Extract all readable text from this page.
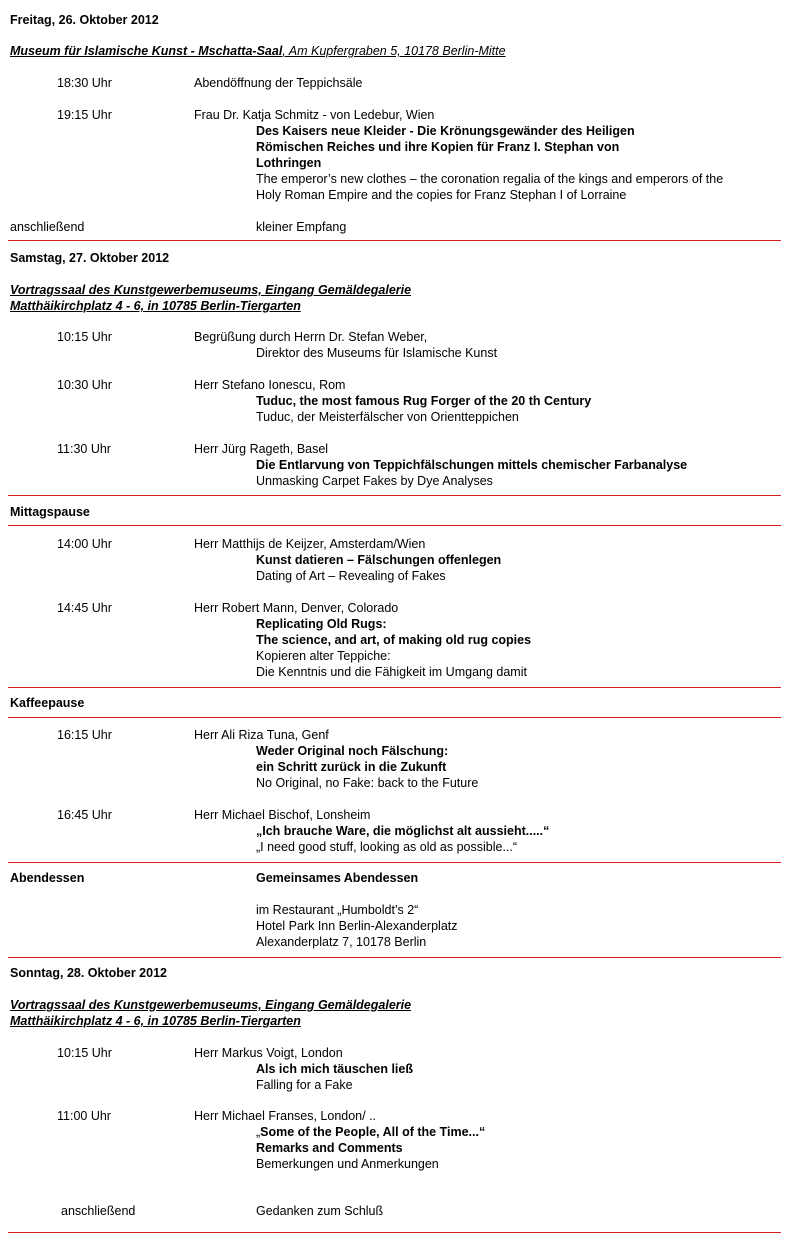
Freitag, 26. Oktober 2012
Museum für Islamische Kunst - Mschatta-Saal, Am Kupfergraben 5, 10178 Berlin-Mitte
18:30 Uhr	Abendöffnung der Teppichsäle
19:15 Uhr	Frau Dr. Katja Schmitz - von Ledebur, Wien
Des Kaisers neue Kleider - Die Krönungsgewänder des Heiligen
Römischen Reiches und ihre Kopien für Franz I. Stephan von
Lothringen
The emperor’s new clothes – the coronation regalia of the kings and emperors of the
Holy Roman Empire and the copies for Franz Stephan I of Lorraine
anschließend	kleiner Empfang
Samstag, 27. Oktober 2012
Vortragssaal des Kunstgewerbemuseums, Eingang Gemäldegalerie
Matthäikirchplatz 4 - 6, in 10785 Berlin-Tiergarten
10:15 Uhr	Begrüßung durch Herrn Dr. Stefan Weber,
Direktor des Museums für Islamische Kunst
10:30 Uhr	Herr Stefano Ionescu, Rom
Tuduc, the most famous Rug Forger of the 20 th Century
Tuduc, der Meisterfälscher von Orientteppichen
11:30 Uhr	Herr Jürg Rageth, Basel
Die Entlarvung von Teppichfälschungen mittels chemischer Farbanalyse
Unmasking Carpet Fakes by Dye Analyses
Mittagspause
14:00 Uhr	Herr Matthijs de Keijzer, Amsterdam/Wien
Kunst datieren – Fälschungen offenlegen
Dating of Art – Revealing of Fakes
14:45 Uhr	Herr Robert Mann, Denver, Colorado
Replicating Old Rugs:
The science, and art, of making old rug copies
Kopieren alter Teppiche:
Die Kenntnis und die Fähigkeit im Umgang damit
Kaffeepause
16:15 Uhr	Herr Ali Riza Tuna, Genf
Weder Original noch Fälschung:
ein Schritt zurück in die Zukunft
No Original, no Fake: back to the Future
16:45 Uhr	Herr Michael Bischof, Lonsheim
„Ich brauche Ware, die möglichst alt aussieht.....“
„I need good stuff, looking as old as possible...“
Abendessen	Gemeinsames Abendessen
im Restaurant „Humboldt’s 2“
Hotel Park Inn Berlin-Alexanderplatz
Alexanderplatz 7, 10178 Berlin
Sonntag, 28. Oktober 2012
Vortragssaal des Kunstgewerbemuseums, Eingang Gemäldegalerie
Matthäikirchplatz 4 - 6, in 10785 Berlin-Tiergarten
10:15 Uhr	Herr Markus Voigt, London
Als ich mich täuschen ließ
Falling for a Fake
11:00 Uhr	Herr Michael Franses, London/ ..
„Some of the People, All of the Time...“
Remarks and Comments
Bemerkungen und Anmerkungen
anschließend	Gedanken zum Schluß
